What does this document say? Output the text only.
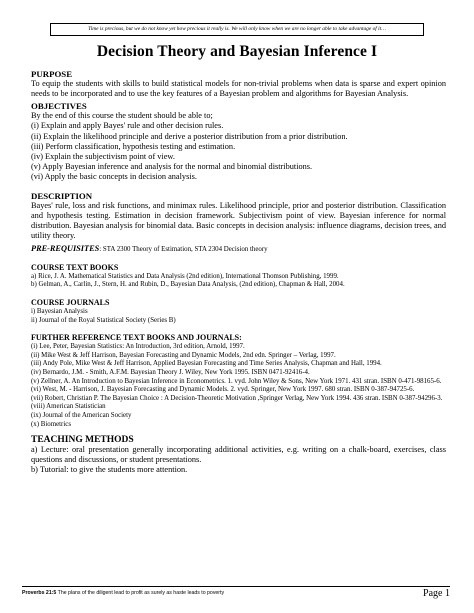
Time is precious, but we do not know yet how precious it really is. We will only know when we are no longer able to take advantage of it…
Decision Theory and Bayesian Inference I
PURPOSE
To equip the students with skills to build statistical models for non-trivial problems when data is sparse and expert opinion needs to be incorporated and to use the key features of a Bayesian problem and algorithms for Bayesian Analysis.
OBJECTIVES
By the end of this course the student should be able to;
(i) Explain and apply Bayes' rule and other decision rules.
(ii) Explain the likelihood principle and derive a posterior distribution from a prior distribution.
(iii) Perform classification, hypothesis testing and estimation.
(iv) Explain the subjectivism point of view.
(v) Apply Bayesian inference and analysis for the normal and binomial distributions.
(vi) Apply the basic concepts in decision analysis.
DESCRIPTION
Bayes' rule, loss and risk functions, and minimax rules. Likelihood principle, prior and posterior distribution. Classification and hypothesis testing. Estimation in decision framework. Subjectivism point of view. Bayesian inference for normal distribution. Bayesian analysis for binomial data. Basic concepts in decision analysis: influence diagrams, decision trees, and utility theory.
PRE-REQUISITES: STA 2300 Theory of Estimation, STA 2304 Decision theory
COURSE TEXT BOOKS
a) Rice, J. A. Mathematical Statistics and Data Analysis (2nd edition), International Thomson Publishing, 1999.
b) Gelman, A., Carlin, J., Stern, H. and Rubin, D., Bayesian Data Analysis, (2nd edition), Chapman & Hall, 2004.
COURSE JOURNALS
i) Bayesian Analysis
ii) Journal of the Royal Statistical Society (Series B)
FURTHER REFERENCE TEXT BOOKS AND JOURNALS:
(i) Lee, Peter, Bayesian Statistics: An Introduction, 3rd edition, Arnold, 1997.
(ii) Mike West & Jeff Harrison, Bayesian Forecasting and Dynamic Models, 2nd edn. Springer – Verlag, 1997.
(iii) Andy Pole, Mike West & Jeff Harrison, Applied Bayesian Forecasting and Time Series Analysis, Chapman and Hall, 1994.
(iv) Bernardo, J.M. - Smith, A.F.M. Bayesian Theory J. Wiley, New York 1995. ISBN 0471-92416-4.
(v) Zellner, A. An Introduction to Bayesian Inference in Econometrics. 1. vyd. John Wiley & Sons, New York 1971. 431 stran. ISBN 0-471-98165-6.
(vi) West, M. - Harrison, J. Bayesian Forecasting and Dynamic Models. 2. vyd. Springer, New York 1997. 680 stran. ISBN 0-387-94725-6.
(vii) Robert, Christian P. The Bayesian Choice : A Decision-Theoretic Motivation ,Springer Verlag, New York 1994. 436 stran. ISBN 0-387-94296-3.
(viii) American Statistician
(ix) Journal of the American Society
(x) Biometrics
TEACHING METHODS
a) Lecture: oral presentation generally incorporating additional activities, e.g. writing on a chalk-board, exercises, class questions and discussions, or student presentations.
b) Tutorial: to give the students more attention.
Proverbs 21:5 The plans of the diligent lead to profit as surely as haste leads to poverty	Page 1
